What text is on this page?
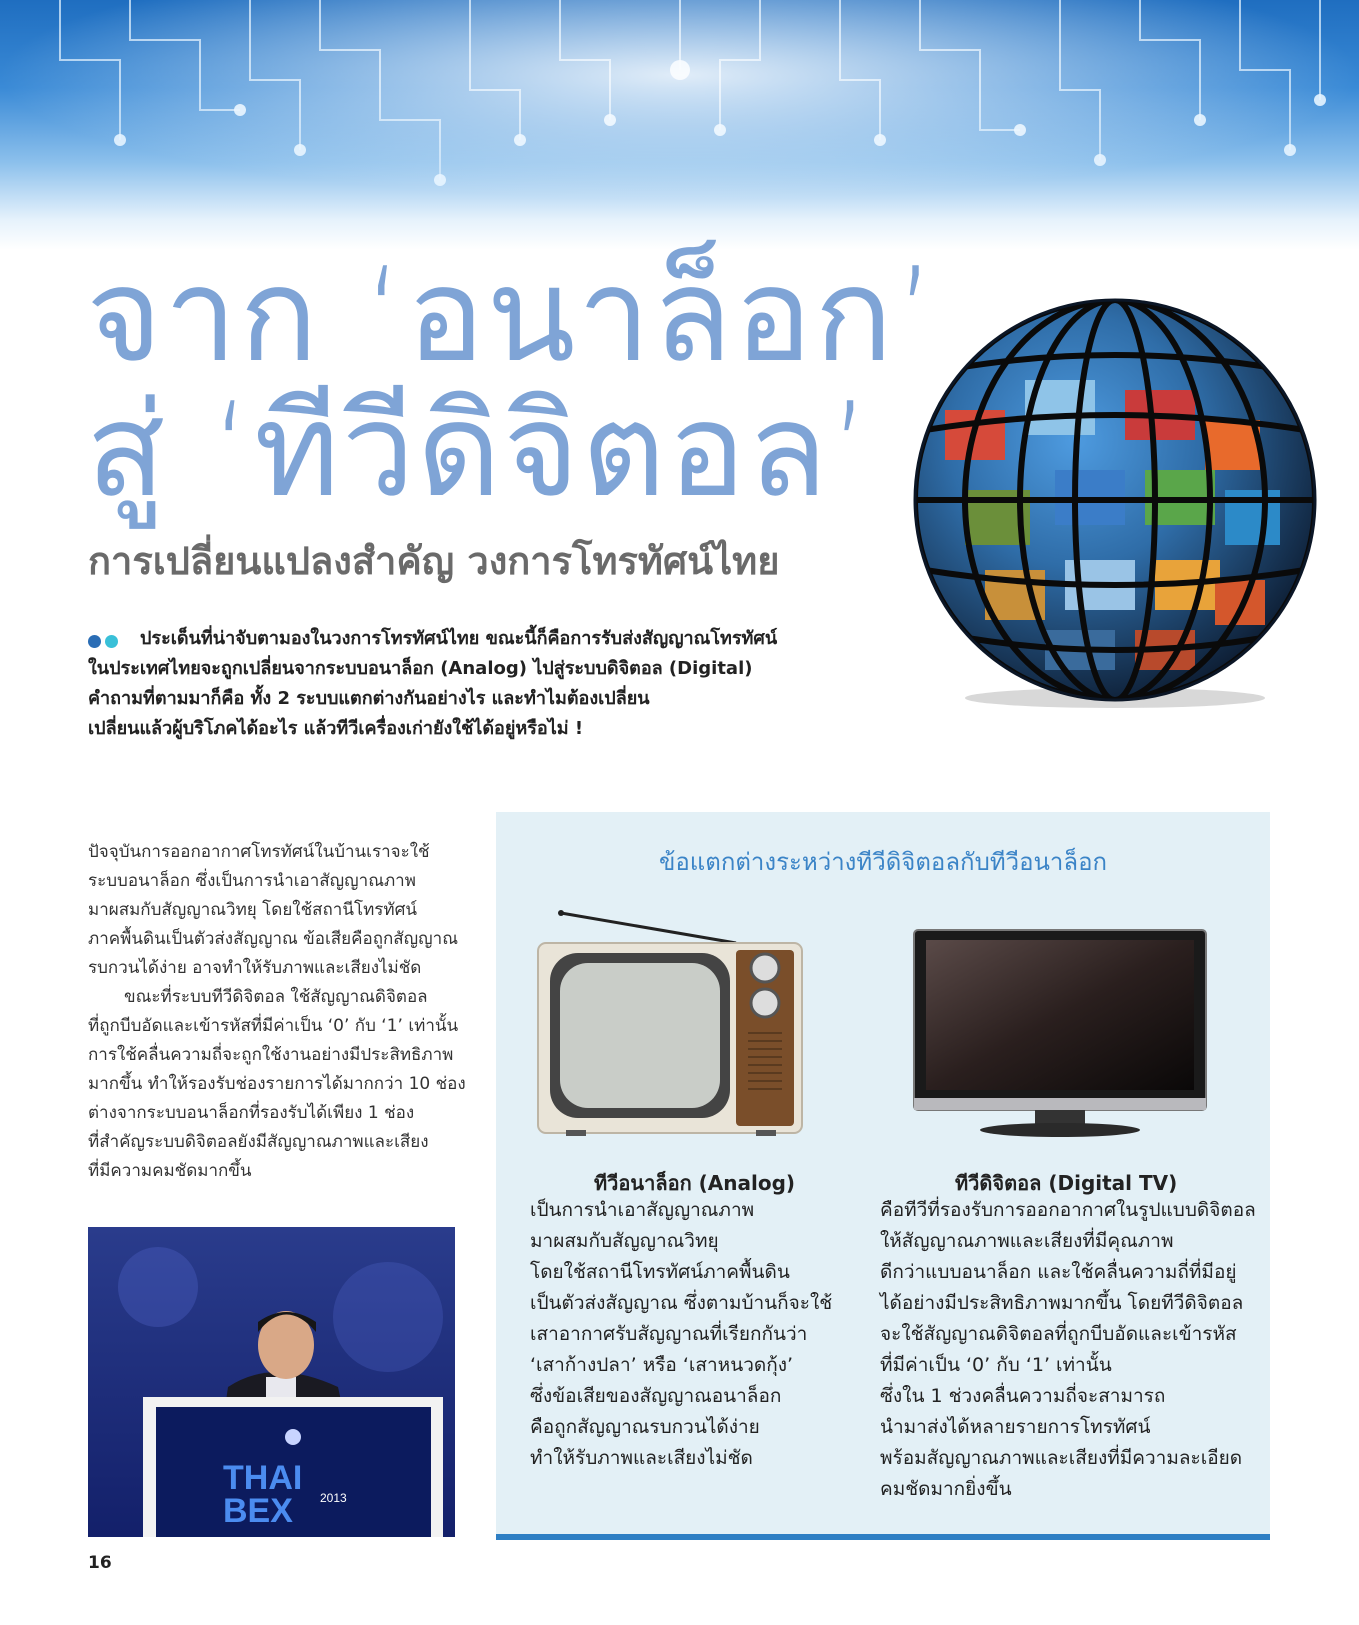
จาก ‘อนาล็อก’
สู่ ‘ทีวีดิจิตอล’
การเปลี่ยนแปลงสำคัญ วงการโทรทัศน์ไทย
ประเด็นที่น่าจับตามองในวงการโทรทัศน์ไทย ขณะนี้ก็คือการรับส่งสัญญาณโทรทัศน์
ในประเทศไทยจะถูกเปลี่ยนจากระบบอนาล็อก (Analog) ไปสู่ระบบดิจิตอล (Digital)
คำถามที่ตามมาก็คือ ทั้ง 2 ระบบแตกต่างกันอย่างไร และทำไมต้องเปลี่ยน
เปลี่ยนแล้วผู้บริโภคได้อะไร แล้วทีวีเครื่องเก่ายังใช้ได้อยู่หรือไม่ !
ปัจจุบันการออกอากาศโทรทัศน์ในบ้านเราจะใช้
ระบบอนาล็อก ซึ่งเป็นการนำเอาสัญญาณภาพ
มาผสมกับสัญญาณวิทยุ โดยใช้สถานีโทรทัศน์
ภาคพื้นดินเป็นตัวส่งสัญญาณ ข้อเสียคือถูกสัญญาณ
รบกวนได้ง่าย อาจทำให้รับภาพและเสียงไม่ชัด
ขณะที่ระบบทีวีดิจิตอล ใช้สัญญาณดิจิตอล
ที่ถูกบีบอัดและเข้ารหัสที่มีค่าเป็น ‘0’ กับ ‘1’ เท่านั้น
การใช้คลื่นความถี่จะถูกใช้งานอย่างมีประสิทธิภาพ
มากขึ้น ทำให้รองรับช่องรายการได้มากกว่า 10 ช่อง
ต่างจากระบบอนาล็อกที่รองรับได้เพียง 1 ช่อง
ที่สำคัญระบบดิจิตอลยังมีสัญญาณภาพและเสียง
ที่มีความคมชัดมากขึ้น
THAI
BEX 2013
ข้อแตกต่างระหว่างทีวีดิจิตอลกับทีวีอนาล็อก
ทีวีอนาล็อก (Analog)
เป็นการนำเอาสัญญาณภาพ
มาผสมกับสัญญาณวิทยุ
โดยใช้สถานีโทรทัศน์ภาคพื้นดิน
เป็นตัวส่งสัญญาณ ซึ่งตามบ้านก็จะใช้
เสาอากาศรับสัญญาณที่เรียกกันว่า
‘เสาก้างปลา’ หรือ ‘เสาหนวดกุ้ง’
ซึ่งข้อเสียของสัญญาณอนาล็อก
คือถูกสัญญาณรบกวนได้ง่าย
ทำให้รับภาพและเสียงไม่ชัด
ทีวีดิจิตอล (Digital TV)
คือทีวีที่รองรับการออกอากาศในรูปแบบดิจิตอล
ให้สัญญาณภาพและเสียงที่มีคุณภาพ
ดีกว่าแบบอนาล็อก และใช้คลื่นความถี่ที่มีอยู่
ได้อย่างมีประสิทธิภาพมากขึ้น โดยทีวีดิจิตอล
จะใช้สัญญาณดิจิตอลที่ถูกบีบอัดและเข้ารหัส
ที่มีค่าเป็น ‘0’ กับ ‘1’ เท่านั้น
ซึ่งใน 1 ช่วงคลื่นความถี่จะสามารถ
นำมาส่งได้หลายรายการโทรทัศน์
พร้อมสัญญาณภาพและเสียงที่มีความละเอียด
คมชัดมากยิ่งขึ้น
16
